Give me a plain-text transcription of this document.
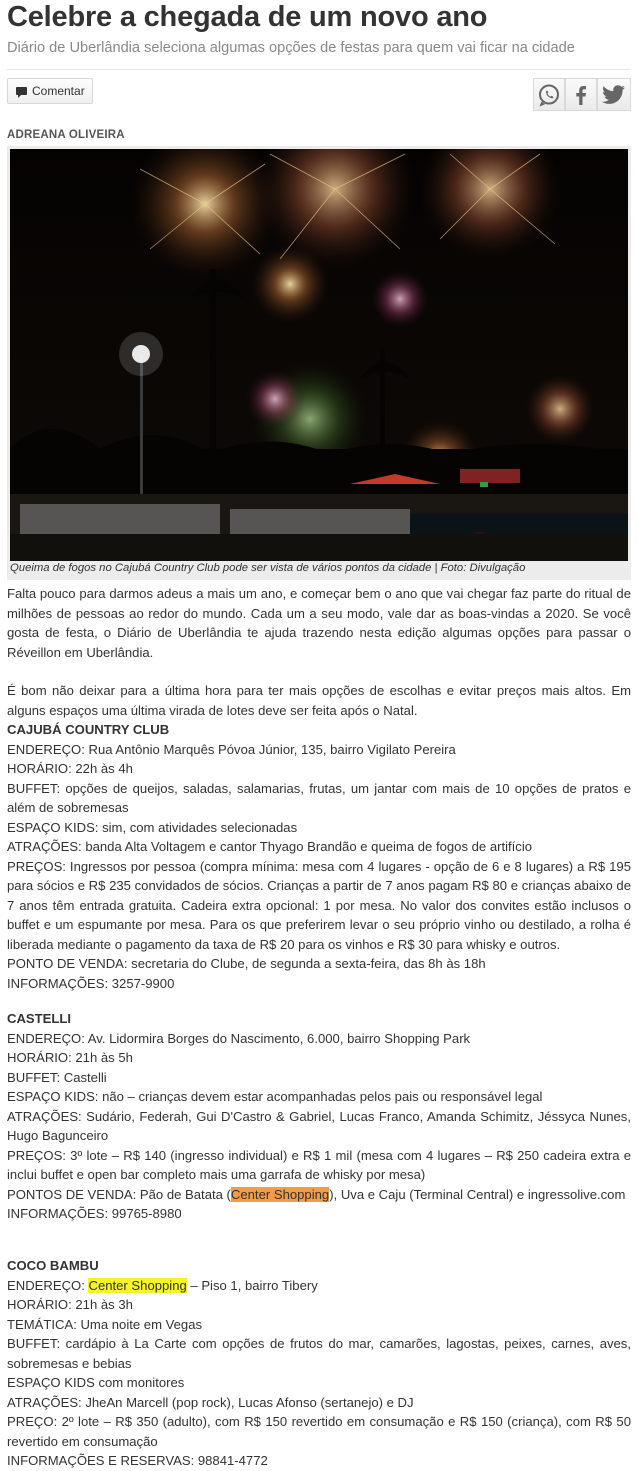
Celebre a chegada de um novo ano
Diário de Uberlândia seleciona algumas opções de festas para quem vai ficar na cidade
Comentar
ADREANA OLIVEIRA
Queima de fogos no Cajubá Country Club pode ser vista de vários pontos da cidade | Foto: Divulgação
Falta pouco para darmos adeus a mais um ano, e começar bem o ano que vai chegar faz parte do ritual de milhões de pessoas ao redor do mundo. Cada um a seu modo, vale dar as boas-vindas a 2020. Se você gosta de festa, o Diário de Uberlândia te ajuda trazendo nesta edição algumas opções para passar o Réveillon em Uberlândia.
É bom não deixar para a última hora para ter mais opções de escolhas e evitar preços mais altos. Em alguns espaços uma última virada de lotes deve ser feita após o Natal.
CAJUBÁ COUNTRY CLUB
ENDEREÇO: Rua Antônio Marquês Póvoa Júnior, 135, bairro Vigilato Pereira
HORÁRIO: 22h às 4h
BUFFET: opções de queijos, saladas, salamarias, frutas, um jantar com mais de 10 opções de pratos e além de sobremesas
ESPAÇO KIDS: sim, com atividades selecionadas
ATRAÇÕES: banda Alta Voltagem e cantor Thyago Brandão e queima de fogos de artifício
PREÇOS: Ingressos por pessoa (compra mínima: mesa com 4 lugares - opção de 6 e 8 lugares) a R$ 195 para sócios e R$ 235 convidados de sócios. Crianças a partir de 7 anos pagam R$ 80 e crianças abaixo de 7 anos têm entrada gratuita. Cadeira extra opcional: 1 por mesa. No valor dos convites estão inclusos o buffet e um espumante por mesa. Para os que preferirem levar o seu próprio vinho ou destilado, a rolha é liberada mediante o pagamento da taxa de R$ 20 para os vinhos e R$ 30 para whisky e outros.
PONTO DE VENDA: secretaria do Clube, de segunda a sexta-feira, das 8h às 18h
INFORMAÇÕES: 3257-9900
CASTELLI
ENDEREÇO: Av. Lidormira Borges do Nascimento, 6.000, bairro Shopping Park
HORÁRIO: 21h às 5h
BUFFET: Castelli
ESPAÇO KIDS: não – crianças devem estar acompanhadas pelos pais ou responsável legal
ATRAÇÕES: Sudário, Federah, Gui D'Castro & Gabriel, Lucas Franco, Amanda Schimitz, Jéssyca Nunes, Hugo Bagunceiro
PREÇOS: 3º lote – R$ 140 (ingresso individual) e R$ 1 mil (mesa com 4 lugares – R$ 250 cadeira extra e inclui buffet e open bar completo mais uma garrafa de whisky por mesa)
PONTOS DE VENDA: Pão de Batata (Center Shopping), Uva e Caju (Terminal Central) e ingressolive.com
INFORMAÇÕES: 99765-8980
COCO BAMBU
ENDEREÇO: Center Shopping – Piso 1, bairro Tibery
HORÁRIO: 21h às 3h
TEMÁTICA: Uma noite em Vegas
BUFFET: cardápio à La Carte com opções de frutos do mar, camarões, lagostas, peixes, carnes, aves, sobremesas e bebias
ESPAÇO KIDS com monitores
ATRAÇÕES: JheAn Marcell (pop rock), Lucas Afonso (sertanejo) e DJ
PREÇO: 2º lote – R$ 350 (adulto), com R$ 150 revertido em consumação e R$ 150 (criança), com R$ 50 revertido em consumação
INFORMAÇÕES E RESERVAS: 98841-4772
